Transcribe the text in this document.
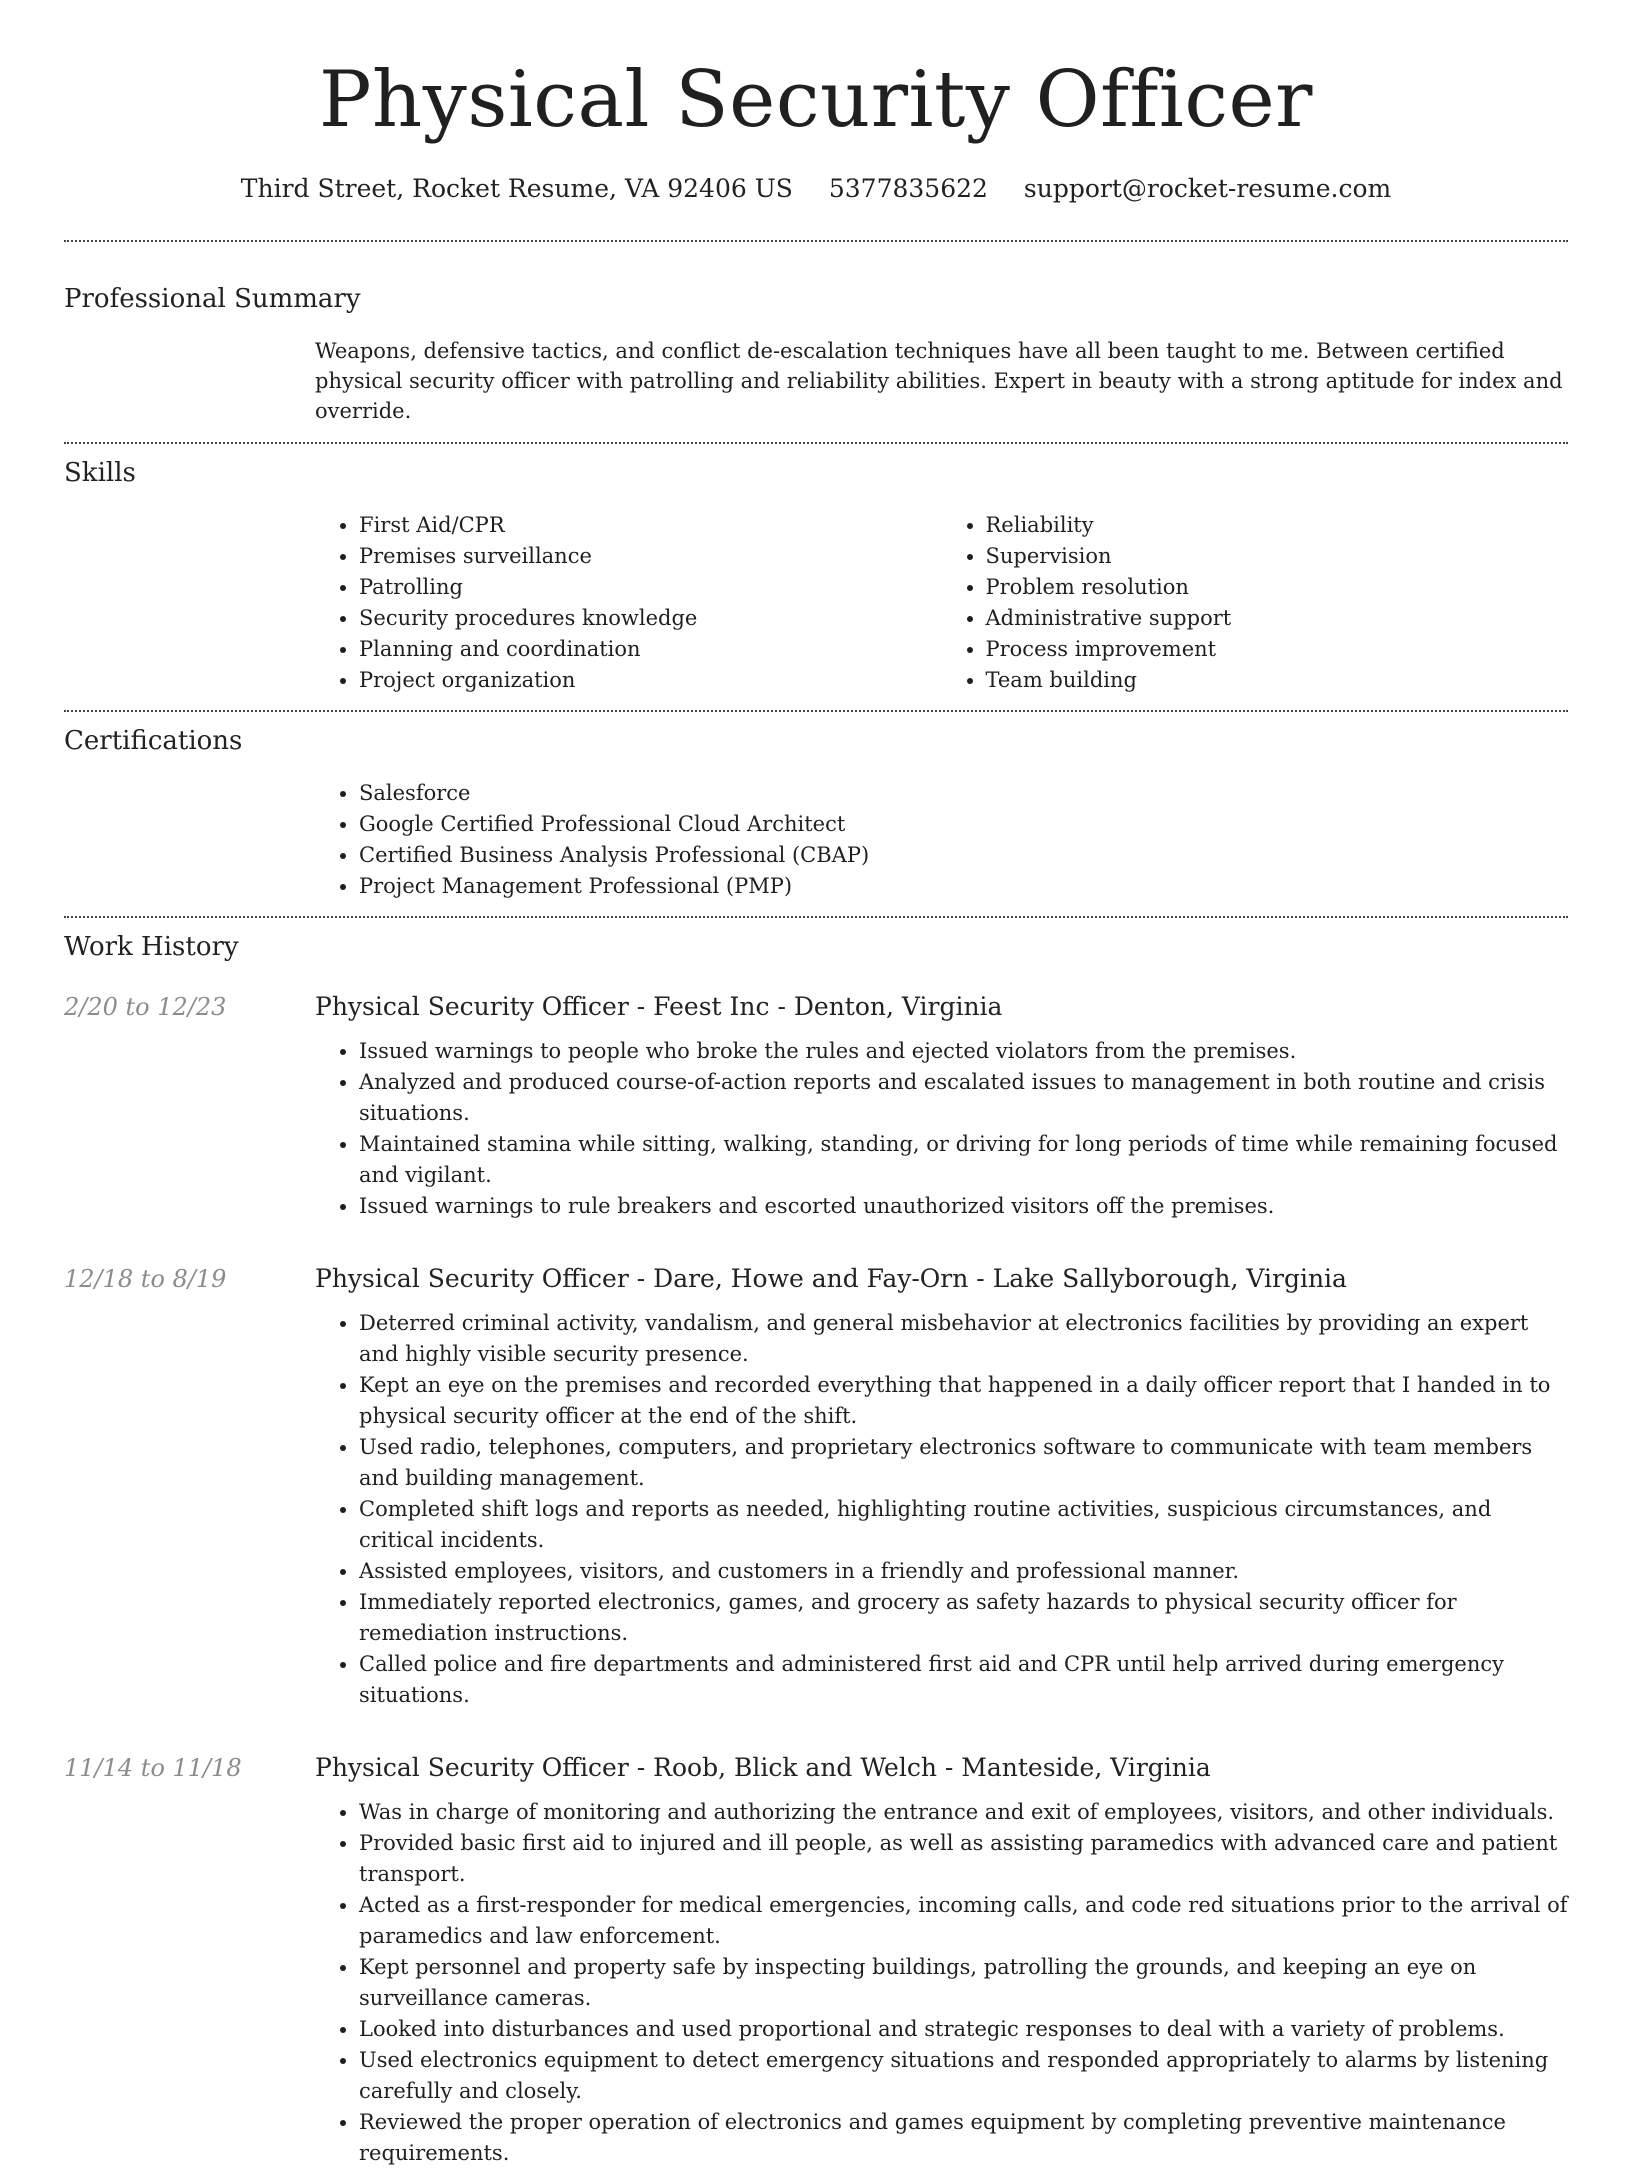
Physical Security Officer
Third Street, Rocket Resume, VA 92406 US 5377835622 support@rocket-resume.com
Professional Summary
Weapons, defensive tactics, and conflict de-escalation techniques have all been taught to me. Between certified physical security officer with patrolling and reliability abilities. Expert in beauty with a strong aptitude for index and override.
Skills
• First Aid/CPR
• Premises surveillance
• Patrolling
• Security procedures knowledge
• Planning and coordination
• Project organization
• Reliability
• Supervision
• Problem resolution
• Administrative support
• Process improvement
• Team building
Certifications
• Salesforce
• Google Certified Professional Cloud Architect
• Certified Business Analysis Professional (CBAP)
• Project Management Professional (PMP)
Work History
2/20 to 12/23	Physical Security Officer - Feest Inc - Denton, Virginia
• Issued warnings to people who broke the rules and ejected violators from the premises.
• Analyzed and produced course-of-action reports and escalated issues to management in both routine and crisis situations.
• Maintained stamina while sitting, walking, standing, or driving for long periods of time while remaining focused and vigilant.
• Issued warnings to rule breakers and escorted unauthorized visitors off the premises.
12/18 to 8/19	Physical Security Officer - Dare, Howe and Fay-Orn - Lake Sallyborough, Virginia
• Deterred criminal activity, vandalism, and general misbehavior at electronics facilities by providing an expert and highly visible security presence.
• Kept an eye on the premises and recorded everything that happened in a daily officer report that I handed in to physical security officer at the end of the shift.
• Used radio, telephones, computers, and proprietary electronics software to communicate with team members and building management.
• Completed shift logs and reports as needed, highlighting routine activities, suspicious circumstances, and critical incidents.
• Assisted employees, visitors, and customers in a friendly and professional manner.
• Immediately reported electronics, games, and grocery as safety hazards to physical security officer for remediation instructions.
• Called police and fire departments and administered first aid and CPR until help arrived during emergency situations.
11/14 to 11/18	Physical Security Officer - Roob, Blick and Welch - Manteside, Virginia
• Was in charge of monitoring and authorizing the entrance and exit of employees, visitors, and other individuals.
• Provided basic first aid to injured and ill people, as well as assisting paramedics with advanced care and patient transport.
• Acted as a first-responder for medical emergencies, incoming calls, and code red situations prior to the arrival of paramedics and law enforcement.
• Kept personnel and property safe by inspecting buildings, patrolling the grounds, and keeping an eye on surveillance cameras.
• Looked into disturbances and used proportional and strategic responses to deal with a variety of problems.
• Used electronics equipment to detect emergency situations and responded appropriately to alarms by listening carefully and closely.
• Reviewed the proper operation of electronics and games equipment by completing preventive maintenance requirements.
